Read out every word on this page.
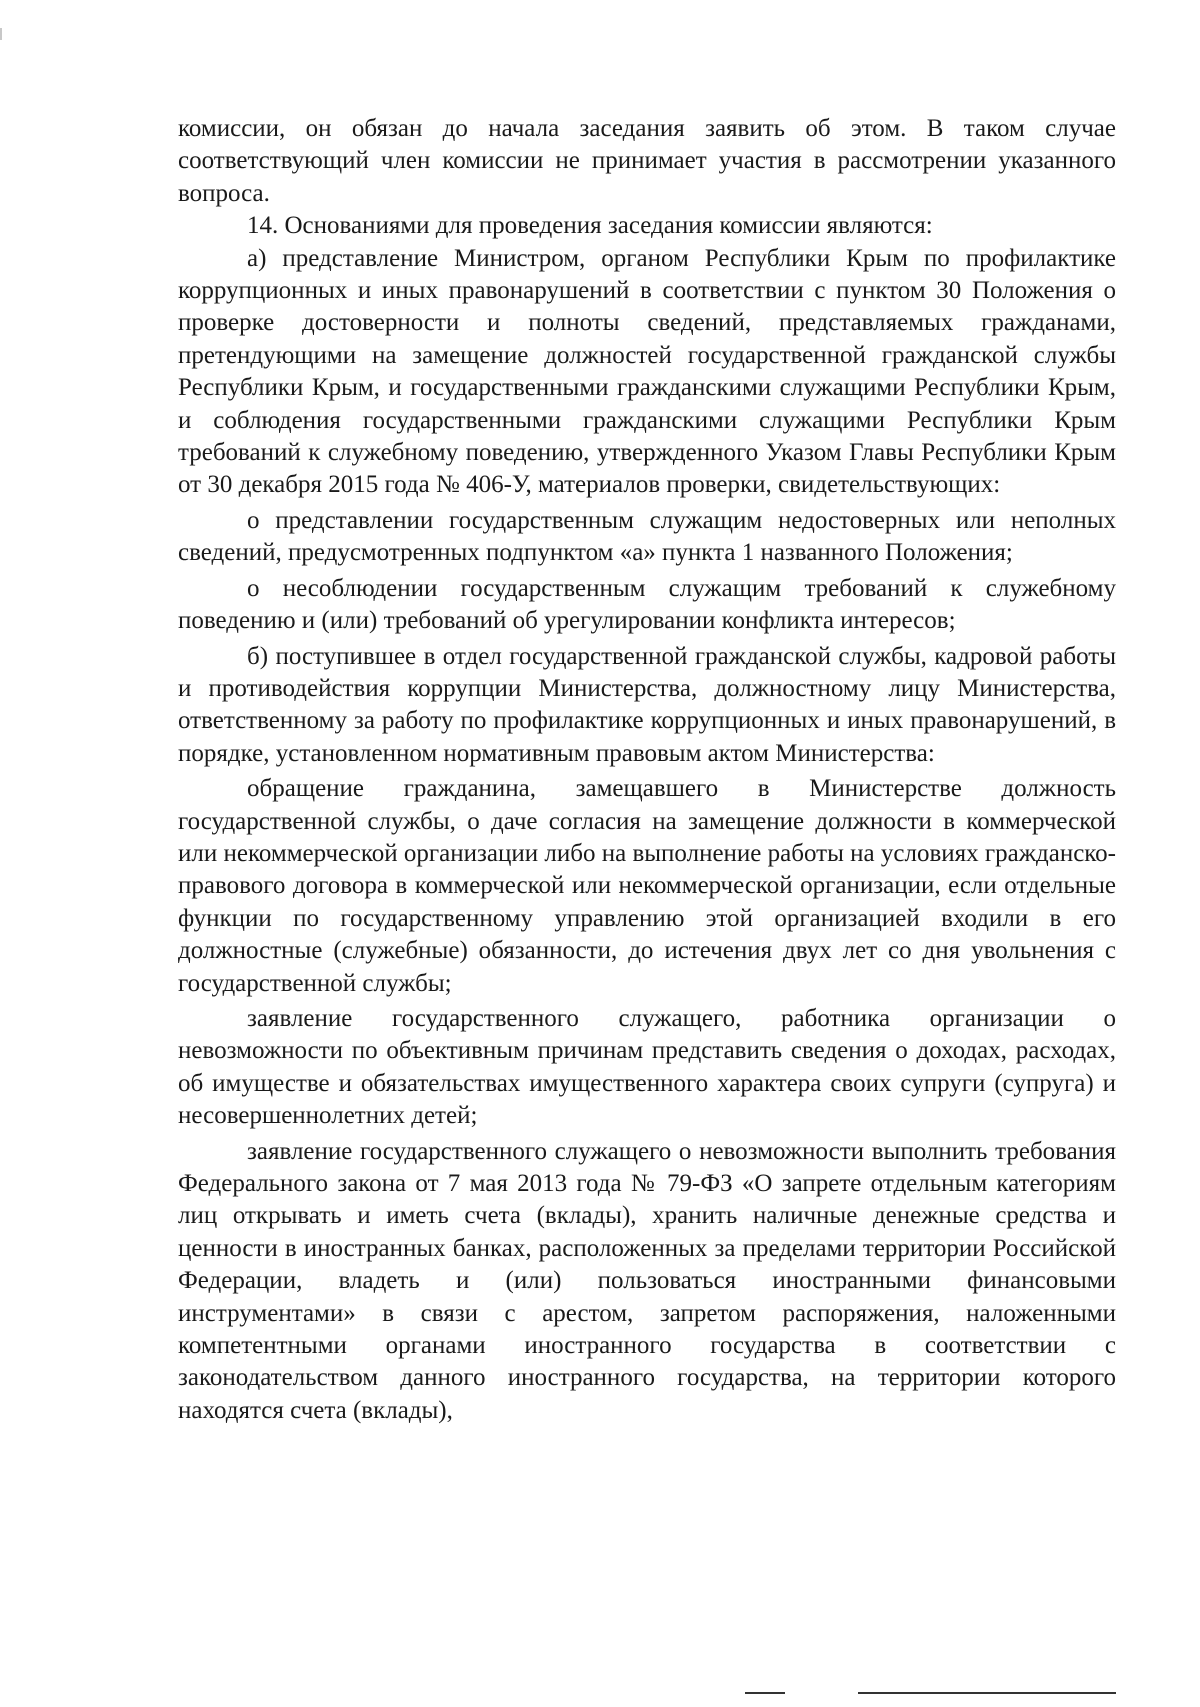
комиссии, он обязан до начала заседания заявить об этом. В таком случае соответствующий член комиссии не принимает участия в рассмотрении указанного вопроса.

14. Основаниями для проведения заседания комиссии являются:

а) представление Министром, органом Республики Крым по профилактике коррупционных и иных правонарушений в соответствии с пунктом 30 Положения о проверке достоверности и полноты сведений, представляемых гражданами, претендующими на замещение должностей государственной гражданской службы Республики Крым, и государственными гражданскими служащими Республики Крым, и соблюдения государственными гражданскими служащими Республики Крым требований к служебному поведению, утвержденного Указом Главы Республики Крым от 30 декабря 2015 года № 406-У, материалов проверки, свидетельствующих:

о представлении государственным служащим недостоверных или неполных сведений, предусмотренных подпунктом «а» пункта 1 названного Положения;

о несоблюдении государственным служащим требований к служебному поведению и (или) требований об урегулировании конфликта интересов;

б) поступившее в отдел государственной гражданской службы, кадровой работы и противодействия коррупции Министерства, должностному лицу Министерства, ответственному за работу по профилактике коррупционных и иных правонарушений, в порядке, установленном нормативным правовым актом Министерства:

обращение гражданина, замещавшего в Министерстве должность государственной службы, о даче согласия на замещение должности в коммерческой или некоммерческой организации либо на выполнение работы на условиях гражданско-правового договора в коммерческой или некоммерческой организации, если отдельные функции по государственному управлению этой организацией входили в его должностные (служебные) обязанности, до истечения двух лет со дня увольнения с государственной службы;

заявление государственного служащего, работника организации о невозможности по объективным причинам представить сведения о доходах, расходах, об имуществе и обязательствах имущественного характера своих супруги (супруга) и несовершеннолетних детей;

заявление государственного служащего о невозможности выполнить требования Федерального закона от 7 мая 2013 года № 79-ФЗ «О запрете отдельным категориям лиц открывать и иметь счета (вклады), хранить наличные денежные средства и ценности в иностранных банках, расположенных за пределами территории Российской Федерации, владеть и (или) пользоваться иностранными финансовыми инструментами» в связи с арестом, запретом распоряжения, наложенными компетентными органами иностранного государства в соответствии с законодательством данного иностранного государства, на территории которого находятся счета (вклады),
